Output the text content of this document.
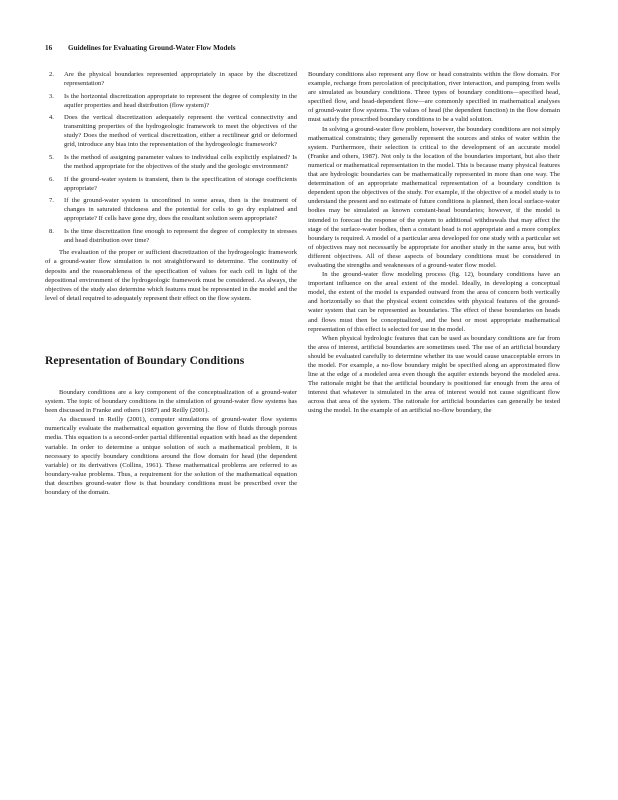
16 Guidelines for Evaluating Ground-Water Flow Models
2. Are the physical boundaries represented appropriately in space by the discretized representation?
3. Is the horizontal discretization appropriate to represent the degree of complexity in the aquifer properties and head distribution (flow system)?
4. Does the vertical discretization adequately represent the vertical connectivity and transmitting properties of the hydrogeologic framework to meet the objectives of the study? Does the method of vertical discretization, either a rectilinear grid or deformed grid, introduce any bias into the representation of the hydrogeologic framework?
5. Is the method of assigning parameter values to individual cells explicitly explained? Is the method appropriate for the objectives of the study and the geologic environment?
6. If the ground-water system is transient, then is the specification of storage coefficients appropriate?
7. If the ground-water system is unconfined in some areas, then is the treatment of changes in saturated thickness and the potential for cells to go dry explained and appropriate? If cells have gone dry, does the resultant solution seem appropriate?
8. Is the time discretization fine enough to represent the degree of complexity in stresses and head distribution over time?

The evaluation of the proper or sufficient discretization of the hydrogeologic framework of a ground-water flow simulation is not straightforward to determine. The continuity of deposits and the reasonableness of the specification of values for each cell in light of the depositional environment of the hydrogeologic framework must be considered. As always, the objectives of the study also determine which features must be represented in the model and the level of detail required to adequately represent their effect on the flow system.

Representation of Boundary Conditions

Boundary conditions are a key component of the conceptualization of a ground-water system. The topic of boundary conditions in the simulation of ground-water flow systems has been discussed in Franke and others (1987) and Reilly (2001).

As discussed in Reilly (2001), computer simulations of ground-water flow systems numerically evaluate the mathematical equation governing the flow of fluids through porous media. This equation is a second-order partial differential equation with head as the dependent variable. In order to determine a unique solution of such a mathematical problem, it is necessary to specify boundary conditions around the flow domain for head (the dependent variable) or its derivatives (Collins, 1961). These mathematical problems are referred to as boundary-value problems. Thus, a requirement for the solution of the mathematical equation that describes ground-water flow is that boundary conditions must be prescribed over the boundary of the domain.

Boundary conditions also represent any flow or head constraints within the flow domain. For example, recharge from percolation of precipitation, river interaction, and pumping from wells are simulated as boundary conditions. Three types of boundary conditions—specified head, specified flow, and head-dependent flow—are commonly specified in mathematical analyses of ground-water flow systems. The values of head (the dependent function) in the flow domain must satisfy the prescribed boundary conditions to be a valid solution.

In solving a ground-water flow problem, however, the boundary conditions are not simply mathematical constraints; they generally represent the sources and sinks of water within the system. Furthermore, their selection is critical to the development of an accurate model (Franke and others, 1987). Not only is the location of the boundaries important, but also their numerical or mathematical representation in the model. This is because many physical features that are hydrologic boundaries can be mathematically represented in more than one way. The determination of an appropriate mathematical representation of a boundary condition is dependent upon the objectives of the study. For example, if the objective of a model study is to understand the present and no estimate of future conditions is planned, then local surface-water bodies may be simulated as known constant-head boundaries; however, if the model is intended to forecast the response of the system to additional withdrawals that may affect the stage of the surface-water bodies, then a constant head is not appropriate and a more complex boundary is required. A model of a particular area developed for one study with a particular set of objectives may not necessarily be appropriate for another study in the same area, but with different objectives. All of these aspects of boundary conditions must be considered in evaluating the strengths and weaknesses of a ground-water flow model.

In the ground-water flow modeling process (fig. 12), boundary conditions have an important influence on the areal extent of the model. Ideally, in developing a conceptual model, the extent of the model is expanded outward from the area of concern both vertically and horizontally so that the physical extent coincides with physical features of the ground-water system that can be represented as boundaries. The effect of these boundaries on heads and flows must then be conceptualized, and the best or most appropriate mathematical representation of this effect is selected for use in the model.

When physical hydrologic features that can be used as boundary conditions are far from the area of interest, artificial boundaries are sometimes used. The use of an artificial boundary should be evaluated carefully to determine whether its use would cause unacceptable errors in the model. For example, a no-flow boundary might be specified along an approximated flow line at the edge of a modeled area even though the aquifer extends beyond the modeled area. The rationale might be that the artificial boundary is positioned far enough from the area of interest that whatever is simulated in the area of interest would not cause significant flow across that area of the system. The rationale for artificial boundaries can generally be tested using the model. In the example of an artificial no-flow boundary, the
